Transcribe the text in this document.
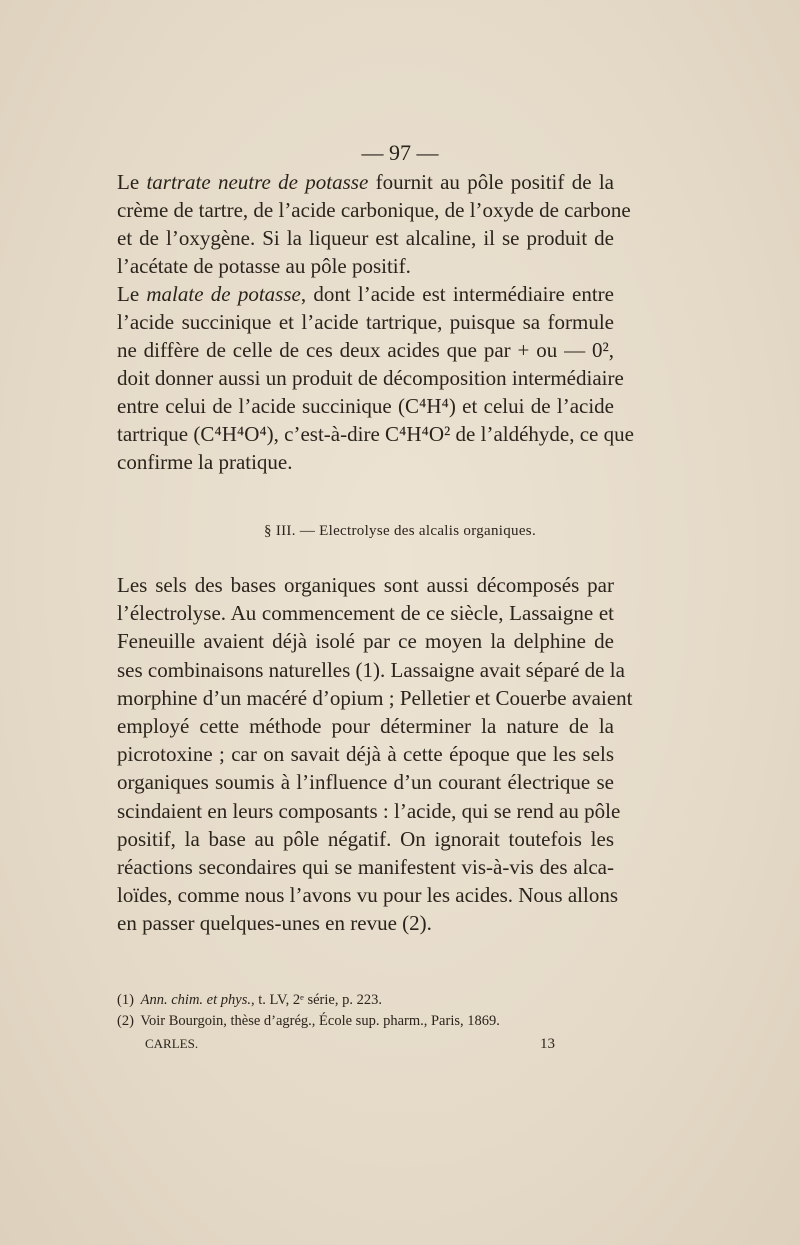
— 97 —
Le tartrate neutre de potasse fournit au pôle positif de la
crème de tartre, de l’acide carbonique, de l’oxyde de carbone
et de l’oxygène. Si la liqueur est alcaline, il se produit de
l’acétate de potasse au pôle positif.
Le malate de potasse, dont l’acide est intermédiaire entre
l’acide succinique et l’acide tartrique, puisque sa formule
ne diffère de celle de ces deux acides que par + ou — 0²,
doit donner aussi un produit de décomposition intermédiaire
entre celui de l’acide succinique (C⁴H⁴) et celui de l’acide
tartrique (C⁴H⁴O⁴), c’est-à-dire C⁴H⁴O² de l’aldéhyde, ce que
confirme la pratique.
§ III. — Electrolyse des alcalis organiques.
Les sels des bases organiques sont aussi décomposés par
l’électrolyse. Au commencement de ce siècle, Lassaigne et
Feneuille avaient déjà isolé par ce moyen la delphine de
ses combinaisons naturelles (1). Lassaigne avait séparé de la
morphine d’un macéré d’opium ; Pelletier et Couerbe avaient
employé cette méthode pour déterminer la nature de la
picrotoxine ; car on savait déjà à cette époque que les sels
organiques soumis à l’influence d’un courant électrique se
scindaient en leurs composants : l’acide, qui se rend au pôle
positif, la base au pôle négatif. On ignorait toutefois les
réactions secondaires qui se manifestent vis-à-vis des alca-
loïdes, comme nous l’avons vu pour les acides. Nous allons
en passer quelques-unes en revue (2).
(1) Ann. chim. et phys., t. LV, 2ᵉ série, p. 223.
(2) Voir Bourgoin, thèse d’agrég., École sup. pharm., Paris, 1869.
CARLES.	13
